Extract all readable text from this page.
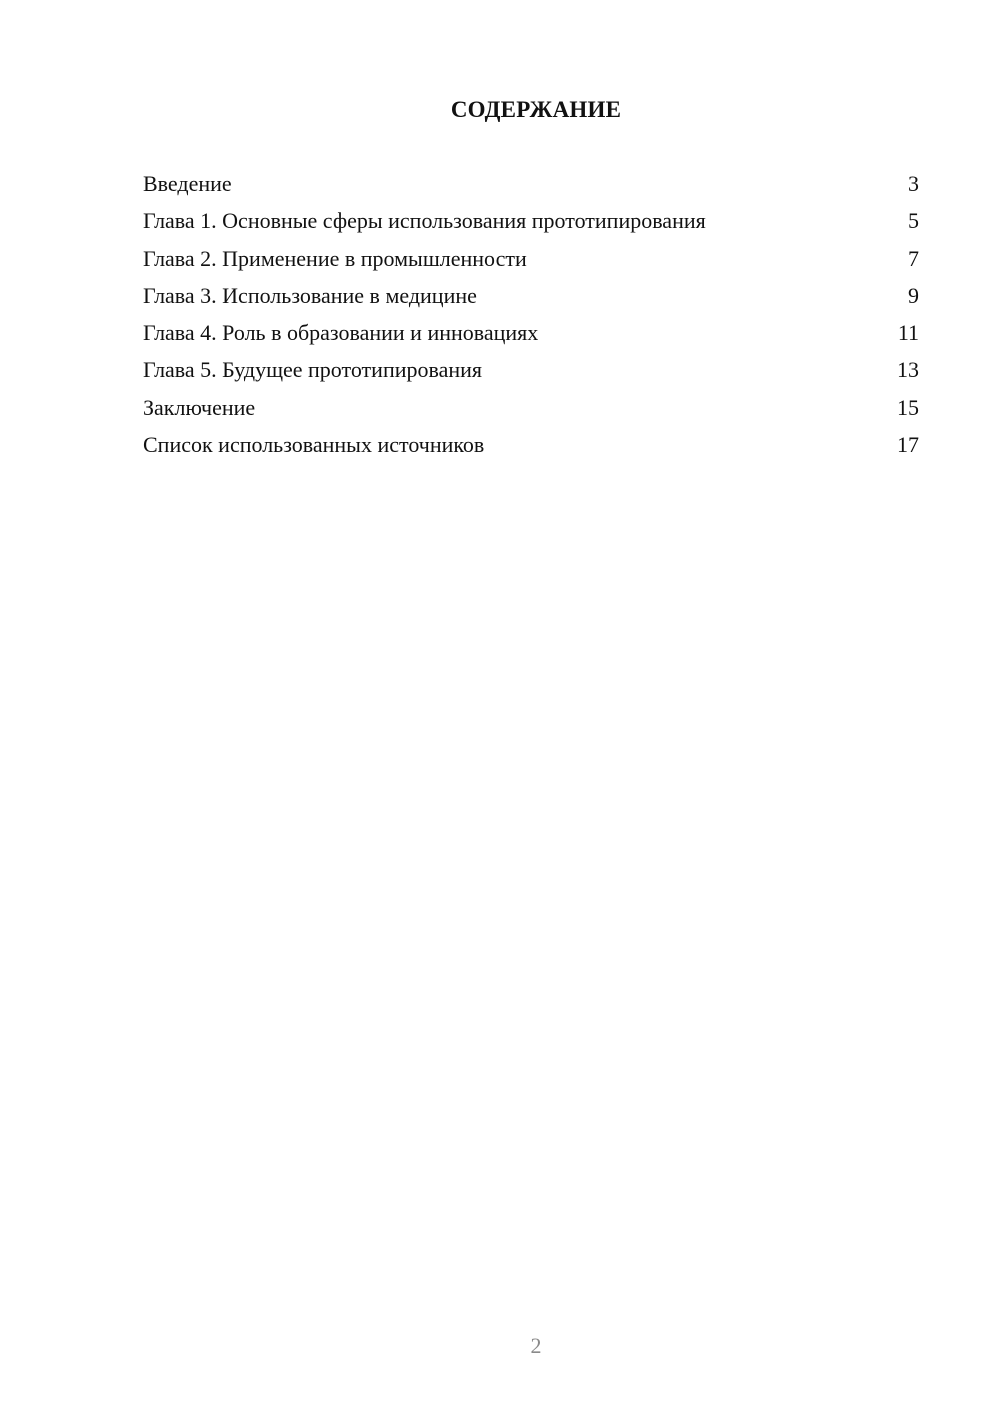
СОДЕРЖАНИЕ
Введение	3
Глава 1. Основные сферы использования прототипирования	5
Глава 2. Применение в промышленности	7
Глава 3. Использование в медицине	9
Глава 4. Роль в образовании и инновациях	11
Глава 5. Будущее прототипирования	13
Заключение	15
Список использованных источников	17
2
